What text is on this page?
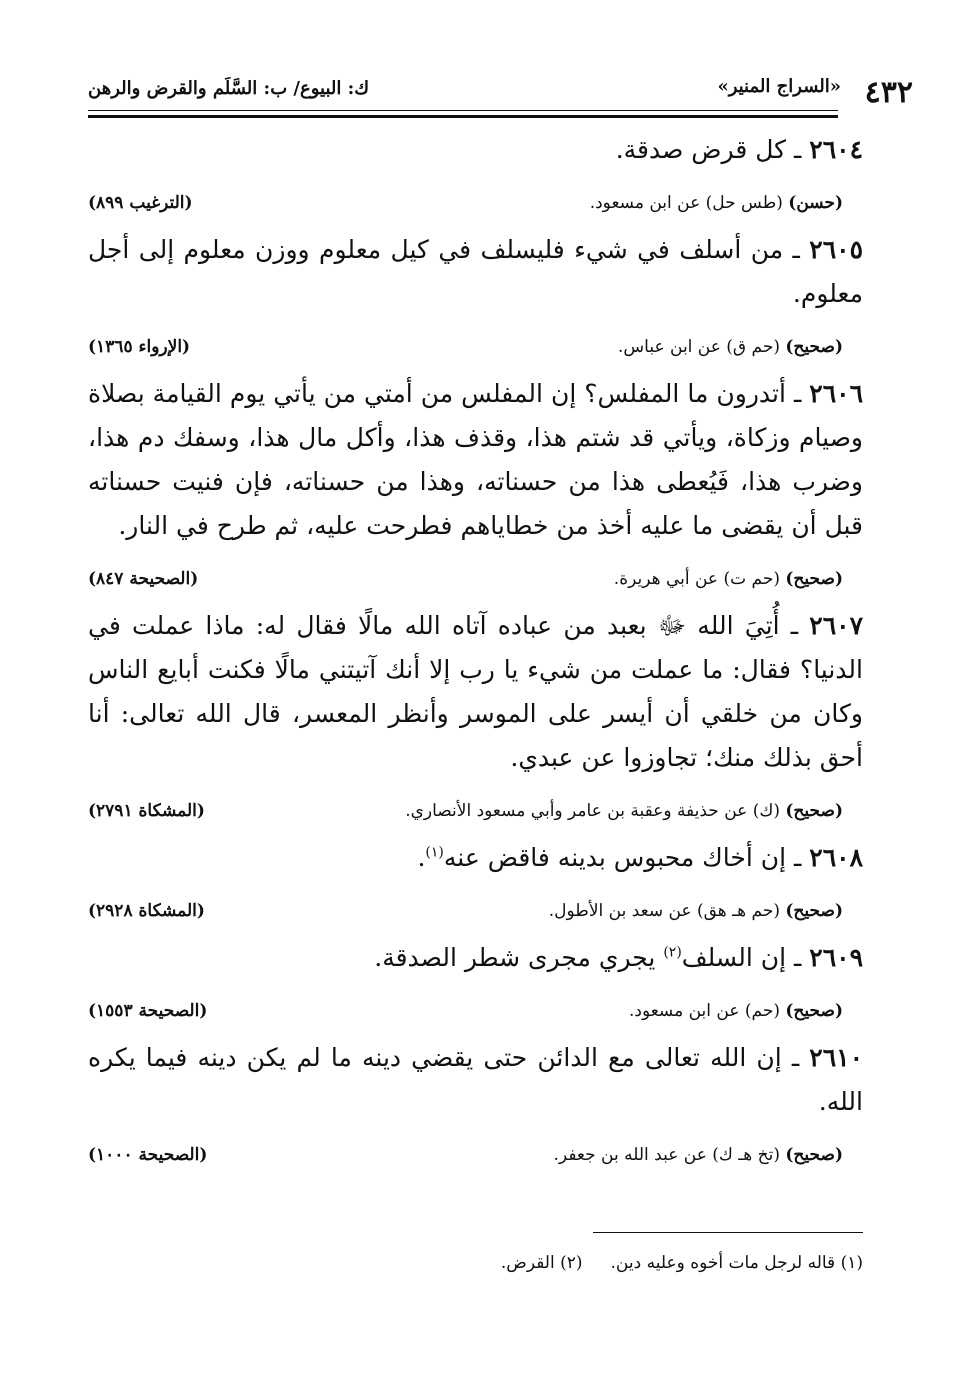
٤٣٢
«السراج المنير»
ك: البيوع/ ب: السَّلَم والقرض والرهن

٢٦٠٤ ـ كل قرض صدقة.

(حسن) (طس حل) عن ابن مسعود.
(الترغيب ٨٩٩)

٢٦٠٥ ـ من أسلف في شيء فليسلف في كيل معلوم ووزن معلوم إلى أجل معلوم.

(صحيح) (حم ق) عن ابن عباس.
(الإرواء ١٣٦٥)

٢٦٠٦ ـ أتدرون ما المفلس؟ إن المفلس من أمتي من يأتي يوم القيامة بصلاة وصيام وزكاة، ويأتي قد شتم هذا، وقذف هذا، وأكل مال هذا، وسفك دم هذا، وضرب هذا، فَيُعطى هذا من حسناته، وهذا من حسناته، فإن فنيت حسناته قبل أن يقضى ما عليه أخذ من خطاياهم فطرحت عليه، ثم طرح في النار.

(صحيح) (حم ت) عن أبي هريرة.
(الصحيحة ٨٤٧)

٢٦٠٧ ـ أُتِيَ الله ﷻ بعبد من عباده آتاه الله مالًا فقال له: ماذا عملت في الدنيا؟ فقال: ما عملت من شيء يا رب إلا أنك آتيتني مالًا فكنت أبايع الناس وكان من خلقي أن أيسر على الموسر وأنظر المعسر، قال الله تعالى: أنا أحق بذلك منك؛ تجاوزوا عن عبدي.

(صحيح) (ك) عن حذيفة وعقبة بن عامر وأبي مسعود الأنصاري.
(المشكاة ٢٧٩١)

٢٦٠٨ ـ إن أخاك محبوس بدينه فاقض عنه$^{(١)}$.

(صحيح) (حم هـ هق) عن سعد بن الأطول.
(المشكاة ٢٩٢٨)

٢٦٠٩ ـ إن السلف$^{(٢)}$ يجري مجرى شطر الصدقة.

(صحيح) (حم) عن ابن مسعود.
(الصحيحة ١٥٥٣)

٢٦١٠ ـ إن الله تعالى مع الدائن حتى يقضي دينه ما لم يكن دينه فيما يكره الله.

(صحيح) (تخ هـ ك) عن عبد الله بن جعفر.
(الصحيحة ١٠٠٠)
(١) قاله لرجل مات أخوه وعليه دين.(٢) القرض.
